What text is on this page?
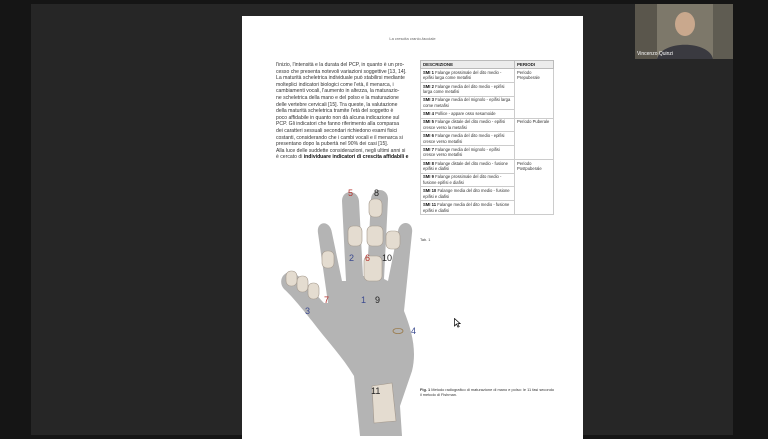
La crescita cranio-facciale

l'inizio, l'intensità e la durata del PCP, in quanto è un pro-
cesso che presenta notevoli variazioni soggettive [13, 14].
La maturità scheletrica individuale può stabilirsi mediante
molteplici indicatori biologici come l'età, il menarca, i
cambiamenti vocali, l'aumento in altezza, la maturazio-
ne scheletrica della mano e del polso e la maturazione
delle vertebre cervicali [15]. Tra queste, la valutazione
della maturità scheletrica tramite l'età del soggetto è
poco affidabile in quanto non dà alcuna indicazione sul
PCP. Gli indicatori che fanno riferimento alla comparsa
dei caratteri sessuali secondari richiedono esami fisici
costanti, considerando che i cambi vocali e il menarca si
presentano dopo la pubertà nel 90% dei casi [15].
Alla luce delle suddette considerazioni, negli ultimi anni si
è cercato di individuare indicatori di crescita affidabili e

DESCRIZIONE	PERIODI
SMI 1 Falange prossimale del dito medio - epifisi larga come metafisi	Periodo Prepuberale
SMI 2 Falange media del dito medio - epifisi larga come metafisi	
SMI 3 Falange media del mignolo - epifisi larga come metafisi	
SMI 4 Pollice - appare osso sesamoide	
SMI 5 Falange distale del dito medio - epifisi cresce verso la metafisi	Periodo Puberale
SMI 6 Falange media del dito medio - epifisi cresce verso metafisi	
SMI 7 Falange media del mignolo - epifisi cresce verso metafisi	
SMI 8 Falange distale del dito medio - fusione epifisi e diafisi	Periodo Postpuberale
SMI 9 Falange prossimale del dito medio - fusione epifisi e diafisi	
SMI 10 Falange media del dito medio - fusione epifisi e diafisi	
SMI 11 Falange media del dito medio - fusione epifisi e diafisi	
Tab. 1
Fig. 1 Metodo radiografico di maturazione di mano e polso: le 11 fasi secondo il metodo di Fishman.
5 8
2 6 10
7	1 9
3
4
11
Vincenzo Quinzi
